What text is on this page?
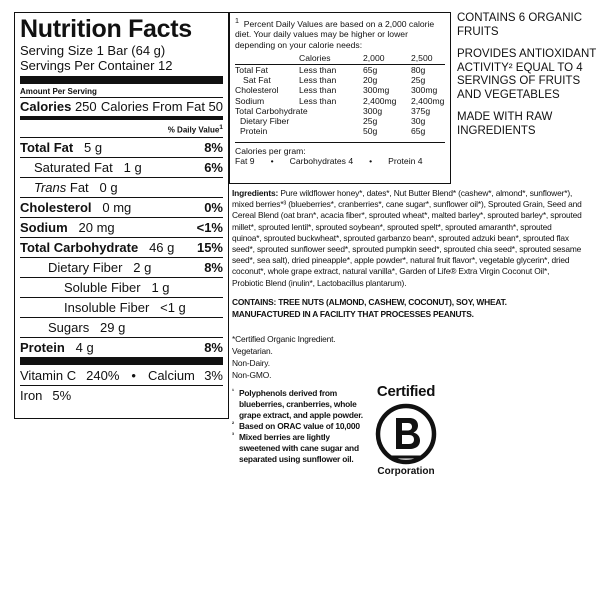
Nutrition Facts
Serving Size 1 Bar (64 g)
Servings Per Container 12
Amount Per Serving
Calories 250 Calories From Fat 50
% Daily Value$^1$
Total Fat 5 g	8%
Saturated Fat 1 g	6%
Trans Fat 0 g
Cholesterol 0 mg	0%
Sodium 20 mg	<1%
Total Carbohydrate 46 g 15%
Dietary Fiber 2 g	8%
Soluble Fiber 1 g
Insoluble Fiber <1 g
Sugars 29 g
Protein 4 g	8%
Vitamin C 240% • Calcium 3%
Iron 5%
$^1$ Percent Daily Values are based on a 2,000 calorie diet. Your daily values may be higher or lower depending on your calorie needs:
	Calories	2,000	2,500
Total Fat	Less than	65g	80g
Sat Fat	Less than	20g	25g
Cholesterol	Less than	300mg	300mg
Sodium	Less than	2,400mg	2,400mg
Total Carbohydrate		300g	375g
Dietary Fiber		25g	30g
Protein		50g	65g
Calories per gram:
Fat 9 • Carbohydrates 4 • Protein 4

CONTAINS 6 ORGANIC FRUITS

PROVIDES ANTIOXIDANT ACTIVITY² EQUAL TO 4 SERVINGS OF FRUITS AND VEGETABLES

MADE WITH RAW INGREDIENTS

Ingredients: Pure wildflower honey*, dates*, Nut Butter Blend* (cashew*, almond*, sunflower*), mixed berries*³ (blueberries*, cranberries*, cane sugar*, sunflower oil*), Sprouted Grain, Seed and Cereal Blend (oat bran*, acacia fiber*, sprouted wheat*, malted barley*, sprouted barley*, sprouted millet*, sprouted lentil*, sprouted soybean*, sprouted spelt*, sprouted amaranth*, sprouted quinoa*, sprouted buckwheat*, sprouted garbanzo bean*, sprouted adzuki bean*, sprouted flax seed*, sprouted sunflower seed*, sprouted pumpkin seed*, sprouted chia seed*, sprouted sesame seed*, sea salt), dried pineapple*, apple powder*, natural fruit flavor*, vegetable glycerin*, dried coconut*, whole grape extract, natural vanilla*, Garden of Life® Extra Virgin Coconut Oil*, Probiotic Blend (inulin*, Lactobacillus plantarum).
CONTAINS: TREE NUTS (ALMOND, CASHEW, COCONUT), SOY, WHEAT.
MANUFACTURED IN A FACILITY THAT PROCESSES PEANUTS.
*Certified Organic Ingredient.
Vegetarian.
Non-Dairy.
Non-GMO.
¹ Polyphenols derived from blueberries, cranberries, whole grape extract, and apple powder.
² Based on ORAC value of 10,000
³ Mixed berries are lightly sweetened with cane sugar and separated using sunflower oil.
Certified
Corporation
